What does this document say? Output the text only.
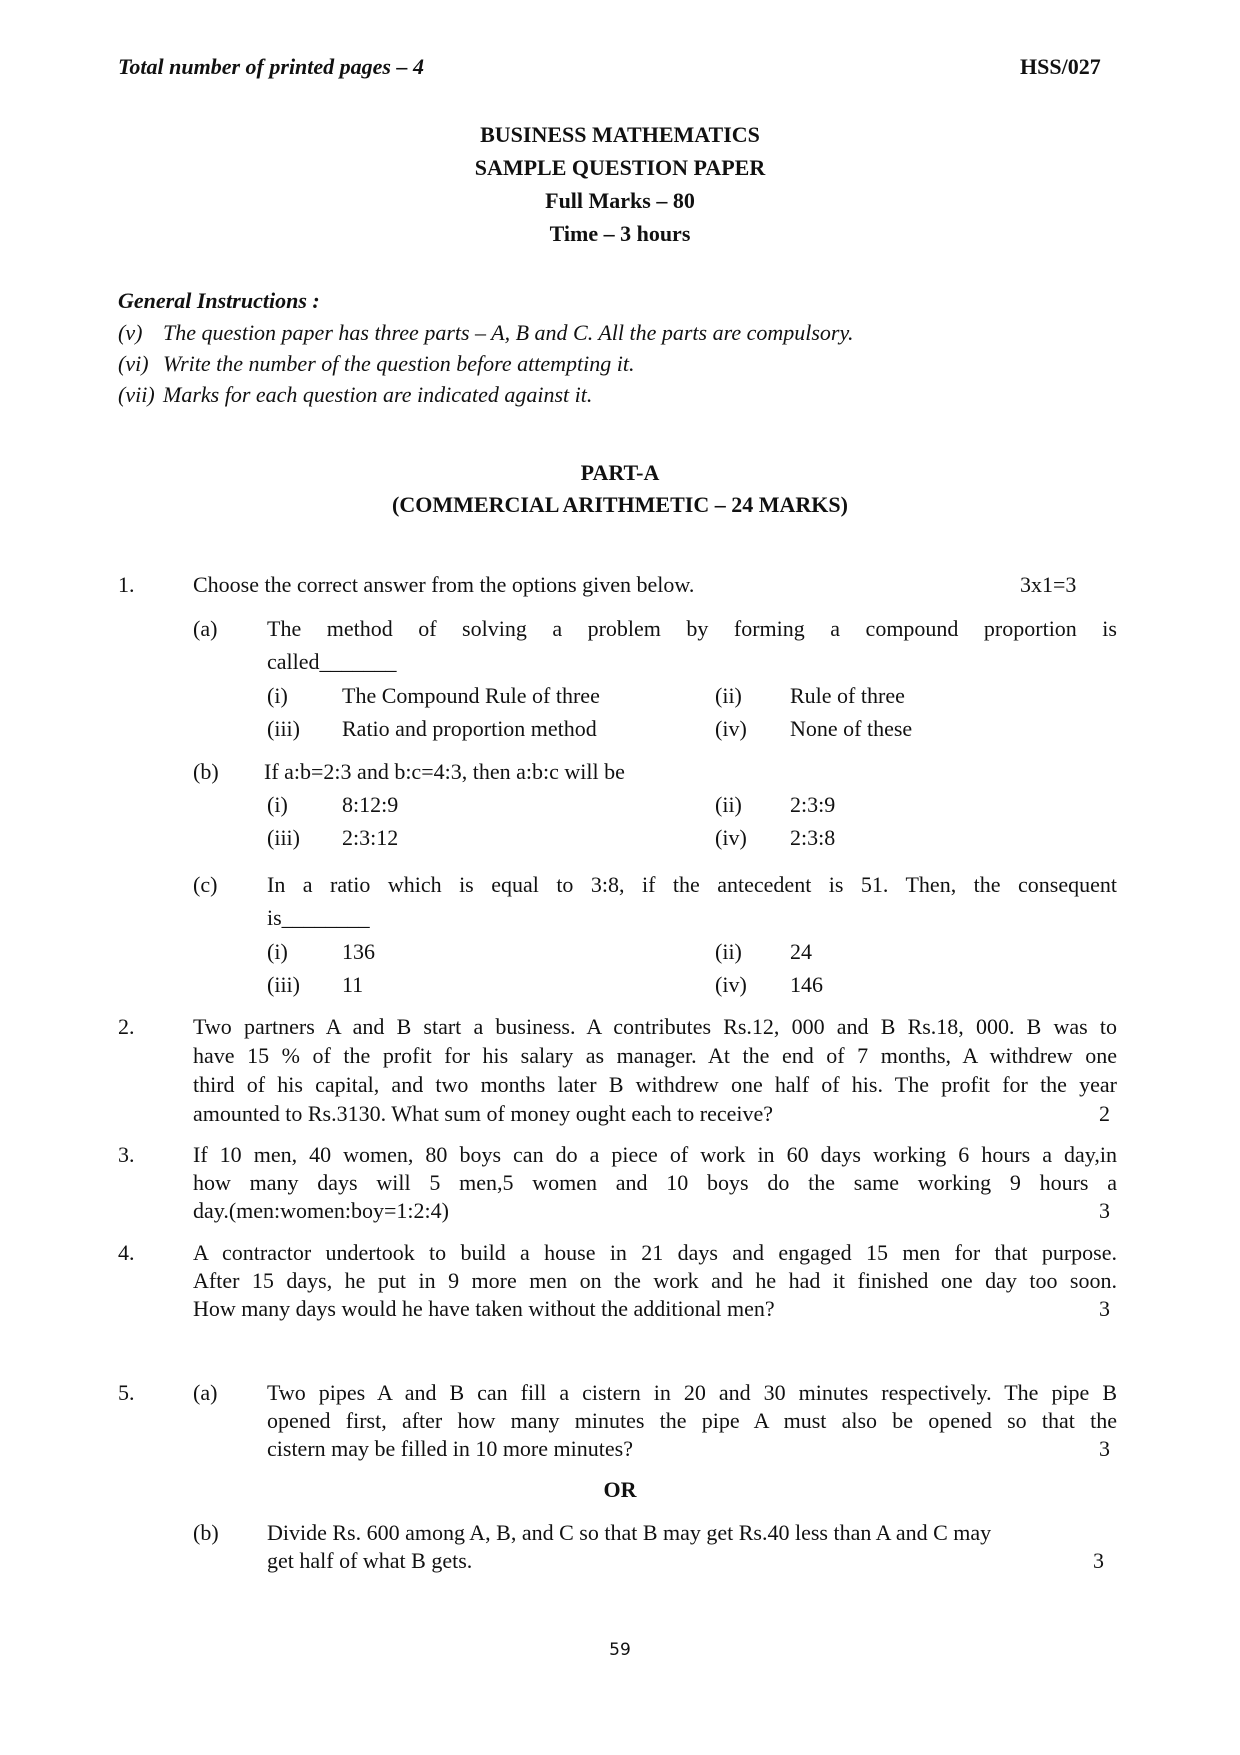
Total number of printed pages – 4	HSS/027
BUSINESS MATHEMATICS
SAMPLE QUESTION PAPER
Full Marks – 80
Time – 3 hours
General Instructions :
(v) The question paper has three parts – A, B and C. All the parts are compulsory.
(vi) Write the number of the question before attempting it.
(vii) Marks for each question are indicated against it.
PART-A
(COMMERCIAL ARITHMETIC – 24 MARKS)
1.	Choose the correct answer from the options given below.	3x1=3
(a) The method of solving a problem by forming a compound proportion is
called_______
(i) The Compound Rule of three	(ii) Rule of three
(iii) Ratio and proportion method	(iv) None of these
(b) If a:b=2:3 and b:c=4:3, then a:b:c will be
(i) 8:12:9	(ii) 2:3:9
(iii) 2:3:12	(iv) 2:3:8
(c) In a ratio which is equal to 3:8, if the antecedent is 51. Then, the consequent
is________
(i) 136	(ii) 24
(iii) 11	(iv) 146
2.	Two partners A and B start a business. A contributes Rs.12, 000 and B Rs.18, 000. B was to
have 15 % of the profit for his salary as manager. At the end of 7 months, A withdrew one
third of his capital, and two months later B withdrew one half of his. The profit for the year
amounted to Rs.3130. What sum of money ought each to receive?	2
3.	If 10 men, 40 women, 80 boys can do a piece of work in 60 days working 6 hours a day,in
how many days will 5 men,5 women and 10 boys do the same working 9 hours a
day.(men:women:boy=1:2:4)	3
4.	A contractor undertook to build a house in 21 days and engaged 15 men for that purpose.
After 15 days, he put in 9 more men on the work and he had it finished one day too soon.
How many days would he have taken without the additional men?	3
5.	(a) Two pipes A and B can fill a cistern in 20 and 30 minutes respectively. The pipe B
opened first, after how many minutes the pipe A must also be opened so that the
cistern may be filled in 10 more minutes?	3
OR
(b) Divide Rs. 600 among A, B, and C so that B may get Rs.40 less than A and C may
get half of what B gets.	3
59
